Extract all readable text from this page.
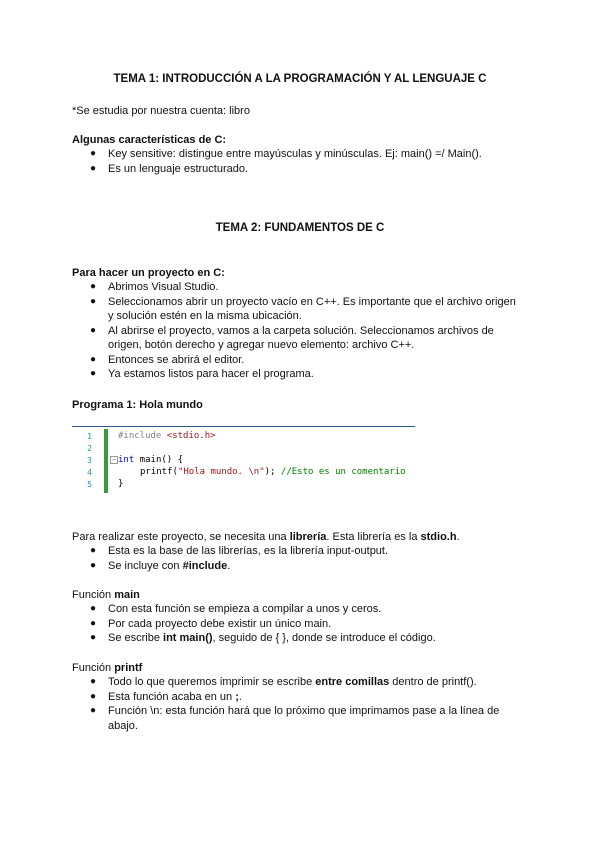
TEMA 1: INTRODUCCIÓN A LA PROGRAMACIÓN Y AL LENGUAJE C
*Se estudia por nuestra cuenta: libro
Algunas características de C:
● Key sensitive: distingue entre mayúsculas y minúsculas. Ej: main() =/ Main().
● Es un lenguaje estructurado.
TEMA 2: FUNDAMENTOS DE C
Para hacer un proyecto en C:
● Abrimos Visual Studio.
● Seleccionamos abrir un proyecto vacío en C++. Es importante que el archivo origen
y solución estén en la misma ubicación.
● Al abrirse el proyecto, vamos a la carpeta solución. Seleccionamos archivos de
origen, botón derecho y agregar nuevo elemento: archivo C++.
● Entonces se abrirá el editor.
● Ya estamos listos para hacer el programa.
Programa 1: Hola mundo
1
2
3
4
5
−
#include <stdio.h>
int main() {
printf("Hola mundo. \n"); //Esto es un comentario
}
Para realizar este proyecto, se necesita una librería. Esta librería es la stdio.h.
● Esta es la base de las librerías, es la librería input-output.
● Se incluye con #include.
Función main
● Con esta función se empieza a compilar a unos y ceros.
● Por cada proyecto debe existir un único main.
● Se escribe int main(), seguido de { }, donde se introduce el código.
Función printf
● Todo lo que queremos imprimir se escribe entre comillas dentro de printf().
● Esta función acaba en un ;.
● Función \n: esta función hará que lo próximo que imprimamos pase a la línea de
abajo.
